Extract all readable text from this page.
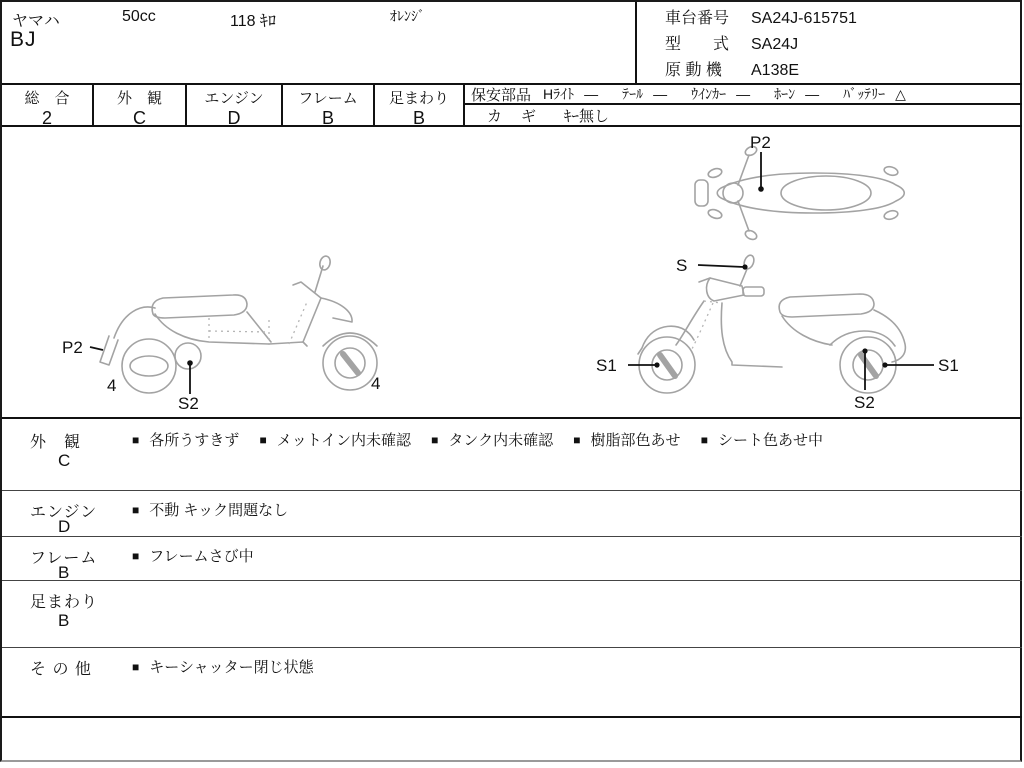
ヤマハ	50cc	118 ｷﾛ	ｵﾚﾝｼﾞ
BJ
車台番号 SA24J-615751
型　　式 SA24J
原 動 機 A138E
総　合
2
外　観
C
エンジン
D
フレーム
B
足まわり
B
保安部品 Hﾗｲﾄ — ﾃｰﾙ — ｳｲﾝｶｰ — ﾎｰﾝ — ﾊﾞｯﾃﾘｰ △
カ　ギ ｷｰ無し
P2
P2
4
S2
4
S
S1	S1
S2
外　観
C
■ 各所うすきず ■ メットイン内未確認 ■ タンク内未確認 ■ 樹脂部色あせ ■ シート色あせ中
エンジン
D
■ 不動 キック問題なし
フレーム
B
■ フレームさび中
足まわり
B
そ の 他	■ キーシャッター閉じ状態
